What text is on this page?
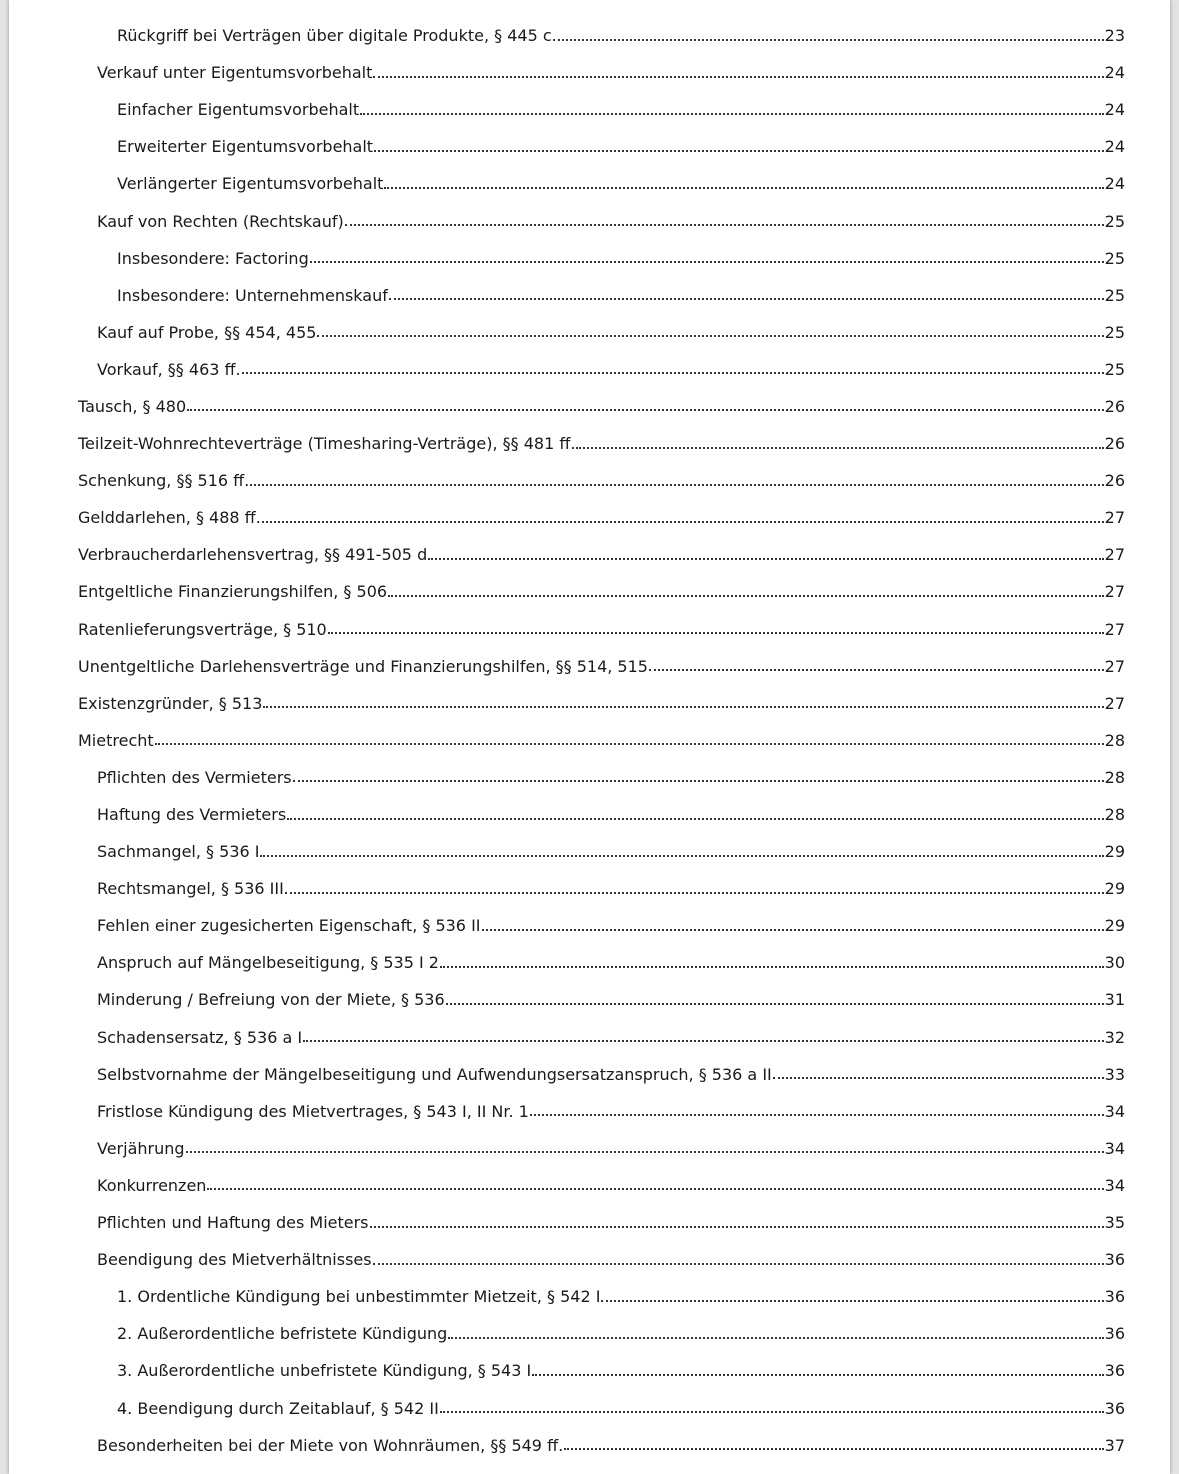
Rückgriff bei Verträgen über digitale Produkte, § 445 c	23
Verkauf unter Eigentumsvorbehalt	24
Einfacher Eigentumsvorbehalt	24
Erweiterter Eigentumsvorbehalt	24
Verlängerter Eigentumsvorbehalt	24
Kauf von Rechten (Rechtskauf)	25
Insbesondere: Factoring	25
Insbesondere: Unternehmenskauf	25
Kauf auf Probe, §§ 454, 455	25
Vorkauf, §§ 463 ff.	25
Tausch, § 480	26
Teilzeit-Wohnrechteverträge (Timesharing-Verträge), §§ 481 ff.	26
Schenkung, §§ 516 ff.	26
Gelddarlehen, § 488 ff.	27
Verbraucherdarlehensvertrag, §§ 491-505 d	27
Entgeltliche Finanzierungshilfen, § 506	27
Ratenlieferungsverträge, § 510	27
Unentgeltliche Darlehensverträge und Finanzierungshilfen, §§ 514, 515	27
Existenzgründer, § 513	27
Mietrecht	28
Pflichten des Vermieters	28
Haftung des Vermieters	28
Sachmangel, § 536 I	29
Rechtsmangel, § 536 III	29
Fehlen einer zugesicherten Eigenschaft, § 536 II	29
Anspruch auf Mängelbeseitigung, § 535 I 2	30
Minderung / Befreiung von der Miete, § 536	31
Schadensersatz, § 536 a I	32
Selbstvornahme der Mängelbeseitigung und Aufwendungsersatzanspruch, § 536 a II	33
Fristlose Kündigung des Mietvertrages, § 543 I, II Nr. 1	34
Verjährung	34
Konkurrenzen	34
Pflichten und Haftung des Mieters	35
Beendigung des Mietverhältnisses	36
1. Ordentliche Kündigung bei unbestimmter Mietzeit, § 542 I	36
2. Außerordentliche befristete Kündigung	36
3. Außerordentliche unbefristete Kündigung, § 543 I	36
4. Beendigung durch Zeitablauf, § 542 II	36
Besonderheiten bei der Miete von Wohnräumen, §§ 549 ff.	37
